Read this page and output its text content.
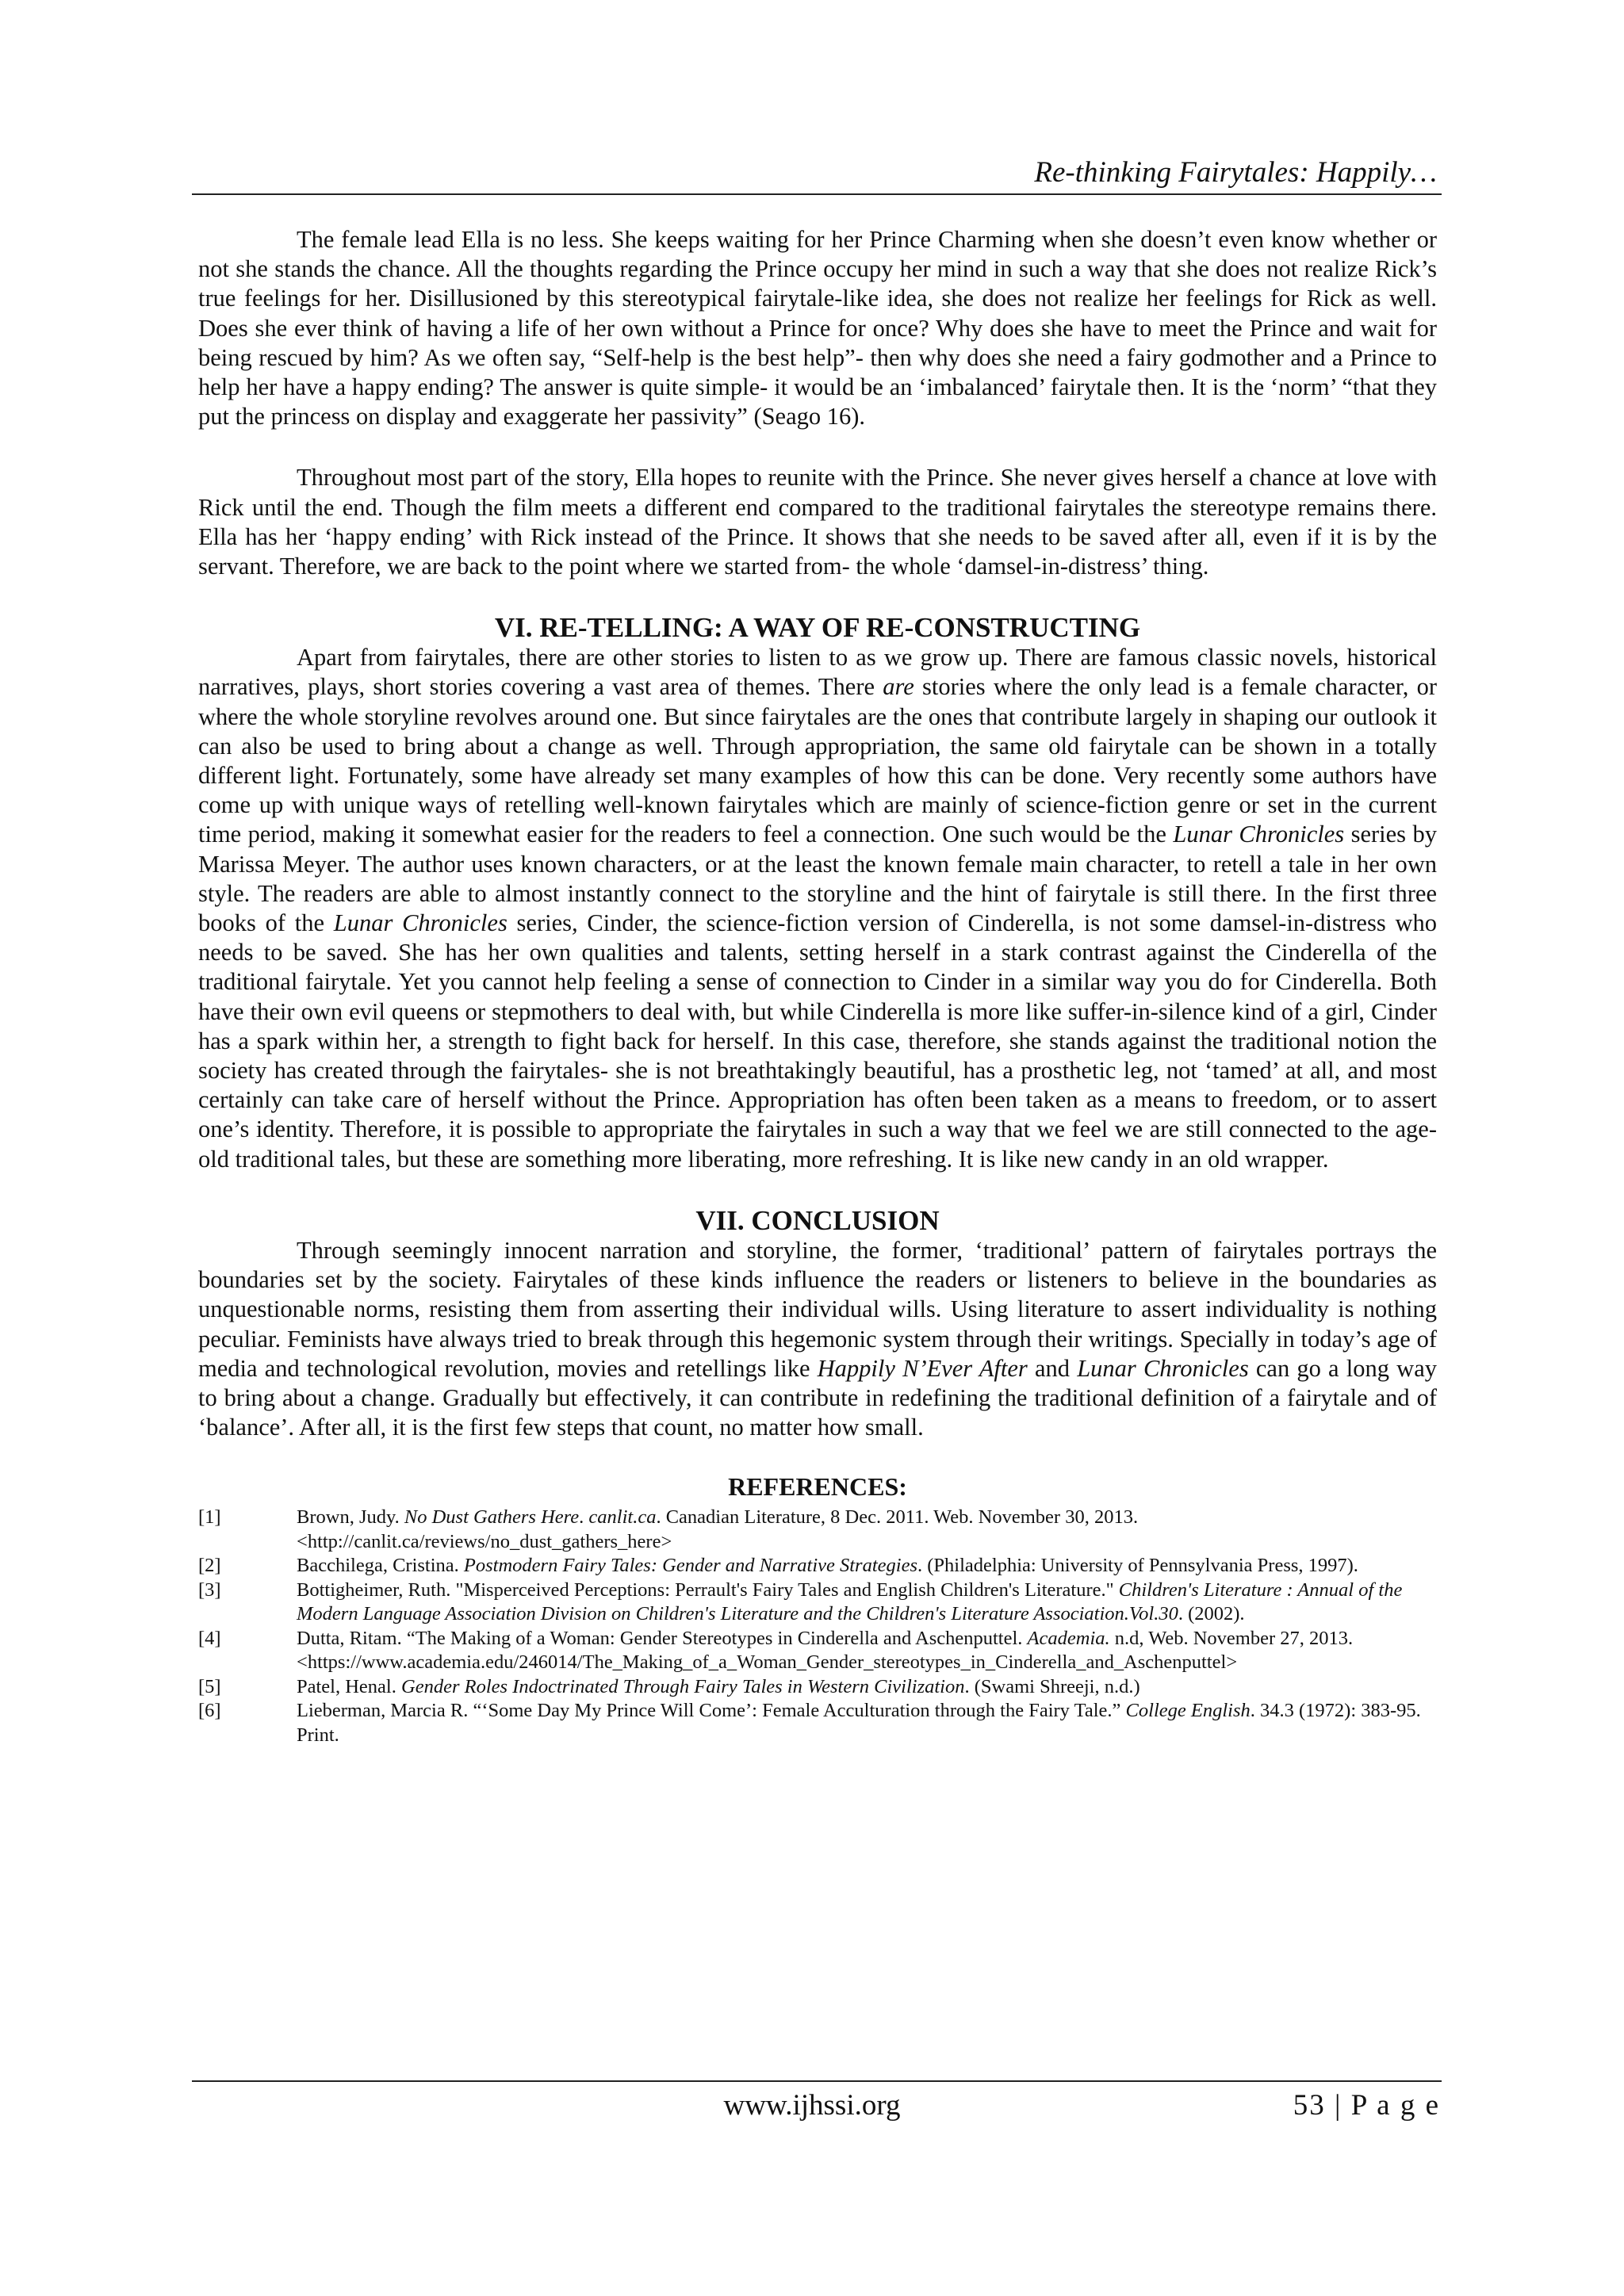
Re-thinking Fairytales: Happily…

The female lead Ella is no less. She keeps waiting for her Prince Charming when she doesn’t even know whether or not she stands the chance. All the thoughts regarding the Prince occupy her mind in such a way that she does not realize Rick’s true feelings for her. Disillusioned by this stereotypical fairytale-like idea, she does not realize her feelings for Rick as well. Does she ever think of having a life of her own without a Prince for once? Why does she have to meet the Prince and wait for being rescued by him? As we often say, “Self-help is the best help”- then why does she need a fairy godmother and a Prince to help her have a happy ending? The answer is quite simple- it would be an ‘imbalanced’ fairytale then. It is the ‘norm’ “that they put the princess on display and exaggerate her passivity” (Seago 16).

Throughout most part of the story, Ella hopes to reunite with the Prince. She never gives herself a chance at love with Rick until the end. Though the film meets a different end compared to the traditional fairytales the stereotype remains there. Ella has her ‘happy ending’ with Rick instead of the Prince. It shows that she needs to be saved after all, even if it is by the servant. Therefore, we are back to the point where we started from- the whole ‘damsel-in-distress’ thing.

VI. RE-TELLING: A WAY OF RE-CONSTRUCTING

Apart from fairytales, there are other stories to listen to as we grow up. There are famous classic novels, historical narratives, plays, short stories covering a vast area of themes. There are stories where the only lead is a female character, or where the whole storyline revolves around one. But since fairytales are the ones that contribute largely in shaping our outlook it can also be used to bring about a change as well. Through appropriation, the same old fairytale can be shown in a totally different light. Fortunately, some have already set many examples of how this can be done. Very recently some authors have come up with unique ways of retelling well-known fairytales which are mainly of science-fiction genre or set in the current time period, making it somewhat easier for the readers to feel a connection. One such would be the Lunar Chronicles series by Marissa Meyer. The author uses known characters, or at the least the known female main character, to retell a tale in her own style. The readers are able to almost instantly connect to the storyline and the hint of fairytale is still there. In the first three books of the Lunar Chronicles series, Cinder, the science-fiction version of Cinderella, is not some damsel-in-distress who needs to be saved. She has her own qualities and talents, setting herself in a stark contrast against the Cinderella of the traditional fairytale. Yet you cannot help feeling a sense of connection to Cinder in a similar way you do for Cinderella. Both have their own evil queens or stepmothers to deal with, but while Cinderella is more like suffer-in-silence kind of a girl, Cinder has a spark within her, a strength to fight back for herself. In this case, therefore, she stands against the traditional notion the society has created through the fairytales- she is not breathtakingly beautiful, has a prosthetic leg, not ‘tamed’ at all, and most certainly can take care of herself without the Prince. Appropriation has often been taken as a means to freedom, or to assert one’s identity. Therefore, it is possible to appropriate the fairytales in such a way that we feel we are still connected to the age-old traditional tales, but these are something more liberating, more refreshing. It is like new candy in an old wrapper.

VII. CONCLUSION

Through seemingly innocent narration and storyline, the former, ‘traditional’ pattern of fairytales portrays the boundaries set by the society. Fairytales of these kinds influence the readers or listeners to believe in the boundaries as unquestionable norms, resisting them from asserting their individual wills. Using literature to assert individuality is nothing peculiar. Feminists have always tried to break through this hegemonic system through their writings. Specially in today’s age of media and technological revolution, movies and retellings like Happily N’Ever After and Lunar Chronicles can go a long way to bring about a change. Gradually but effectively, it can contribute in redefining the traditional definition of a fairytale and of ‘balance’. After all, it is the first few steps that count, no matter how small.

REFERENCES:
[1]	Brown, Judy. No Dust Gathers Here. canlit.ca. Canadian Literature, 8 Dec. 2011. Web. November 30, 2013.
<http://canlit.ca/reviews/no_dust_gathers_here>
[2]	Bacchilega, Cristina. Postmodern Fairy Tales: Gender and Narrative Strategies. (Philadelphia: University of Pennsylvania Press, 1997).
[3]	Bottigheimer, Ruth. "Misperceived Perceptions: Perrault's Fairy Tales and English Children's Literature." Children's Literature : Annual of the Modern Language Association Division on Children's Literature and the Children's Literature Association.Vol.30. (2002).
[4]	Dutta, Ritam. “The Making of a Woman: Gender Stereotypes in Cinderella and Aschenputtel. Academia. n.d, Web. November 27, 2013.
<https://www.academia.edu/246014/The_Making_of_a_Woman_Gender_stereotypes_in_Cinderella_and_Aschenputtel>
[5]	Patel, Henal. Gender Roles Indoctrinated Through Fairy Tales in Western Civilization. (Swami Shreeji, n.d.)
[6]	Lieberman, Marcia R. “‘Some Day My Prince Will Come’: Female Acculturation through the Fairy Tale.” College English. 34.3 (1972): 383-95. Print.
www.ijhssi.org	53 | P a g e
